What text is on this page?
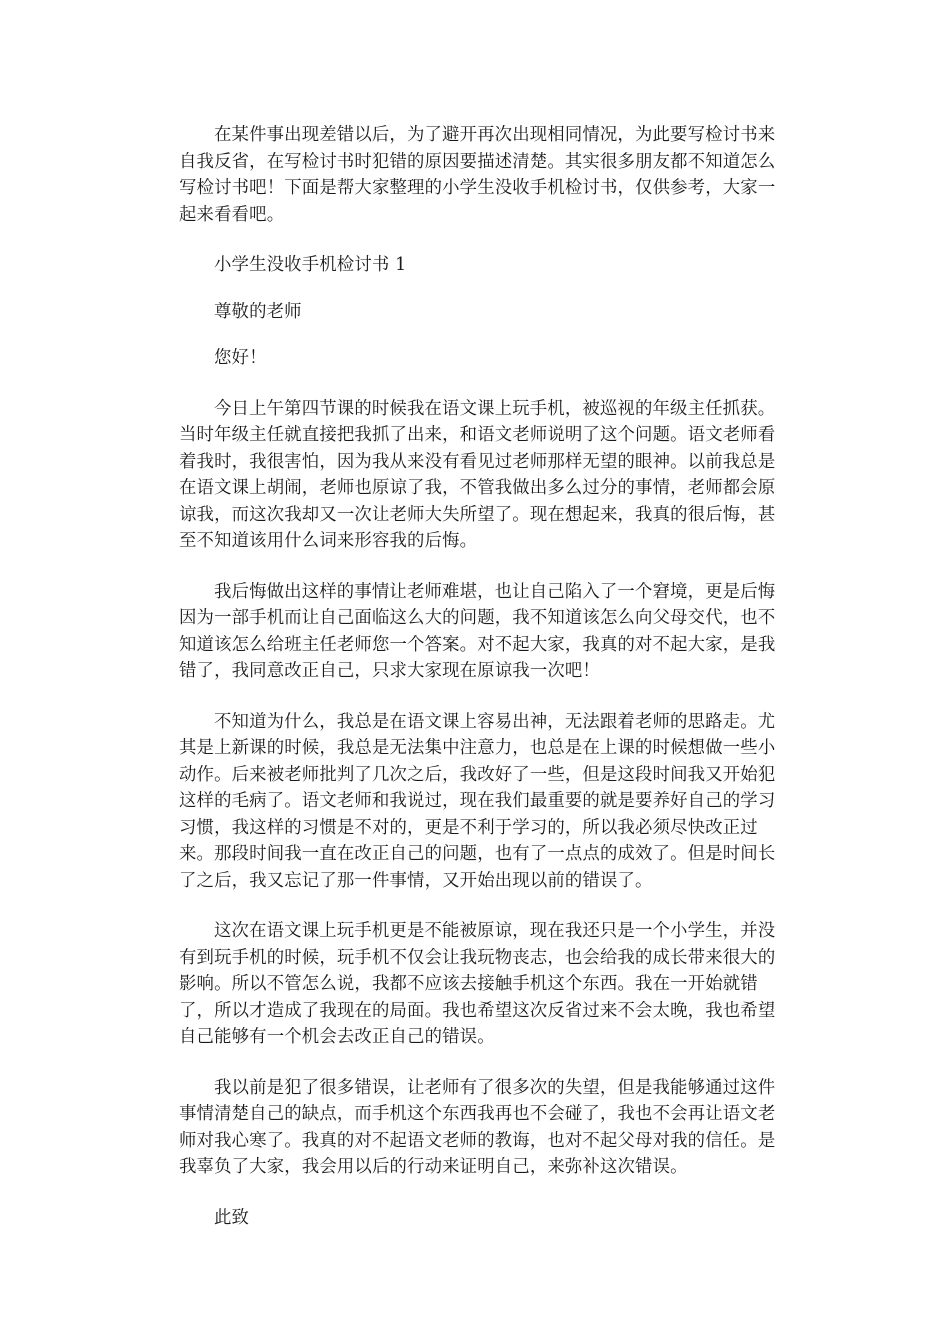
在某件事出现差错以后，为了避开再次出现相同情况，为此要写检讨书来自我反省，在写检讨书时犯错的原因要描述清楚。其实很多朋友都不知道怎么写检讨书吧！下面是帮大家整理的小学生没收手机检讨书，仅供参考，大家一起来看看吧。

小学生没收手机检讨书 1

尊敬的老师

您好！

今日上午第四节课的时候我在语文课上玩手机，被巡视的年级主任抓获。当时年级主任就直接把我抓了出来，和语文老师说明了这个问题。语文老师看着我时，我很害怕，因为我从来没有看见过老师那样无望的眼神。以前我总是在语文课上胡闹，老师也原谅了我，不管我做出多么过分的事情，老师都会原谅我，而这次我却又一次让老师大失所望了。现在想起来，我真的很后悔，甚至不知道该用什么词来形容我的后悔。

我后悔做出这样的事情让老师难堪，也让自己陷入了一个窘境，更是后悔因为一部手机而让自己面临这么大的问题，我不知道该怎么向父母交代，也不知道该怎么给班主任老师您一个答案。对不起大家，我真的对不起大家，是我错了，我同意改正自己，只求大家现在原谅我一次吧！

不知道为什么，我总是在语文课上容易出神，无法跟着老师的思路走。尤其是上新课的时候，我总是无法集中注意力，也总是在上课的时候想做一些小动作。后来被老师批判了几次之后，我改好了一些，但是这段时间我又开始犯这样的毛病了。语文老师和我说过，现在我们最重要的就是要养好自己的学习习惯，我这样的习惯是不对的，更是不利于学习的，所以我必须尽快改正过来。那段时间我一直在改正自己的问题，也有了一点点的成效了。但是时间长了之后，我又忘记了那一件事情，又开始出现以前的错误了。

这次在语文课上玩手机更是不能被原谅，现在我还只是一个小学生，并没有到玩手机的时候，玩手机不仅会让我玩物丧志，也会给我的成长带来很大的影响。所以不管怎么说，我都不应该去接触手机这个东西。我在一开始就错了，所以才造成了我现在的局面。我也希望这次反省过来不会太晚，我也希望自己能够有一个机会去改正自己的错误。

我以前是犯了很多错误，让老师有了很多次的失望，但是我能够通过这件事情清楚自己的缺点，而手机这个东西我再也不会碰了，我也不会再让语文老师对我心寒了。我真的对不起语文老师的教诲，也对不起父母对我的信任。是我辜负了大家，我会用以后的行动来证明自己，来弥补这次错误。

此致
